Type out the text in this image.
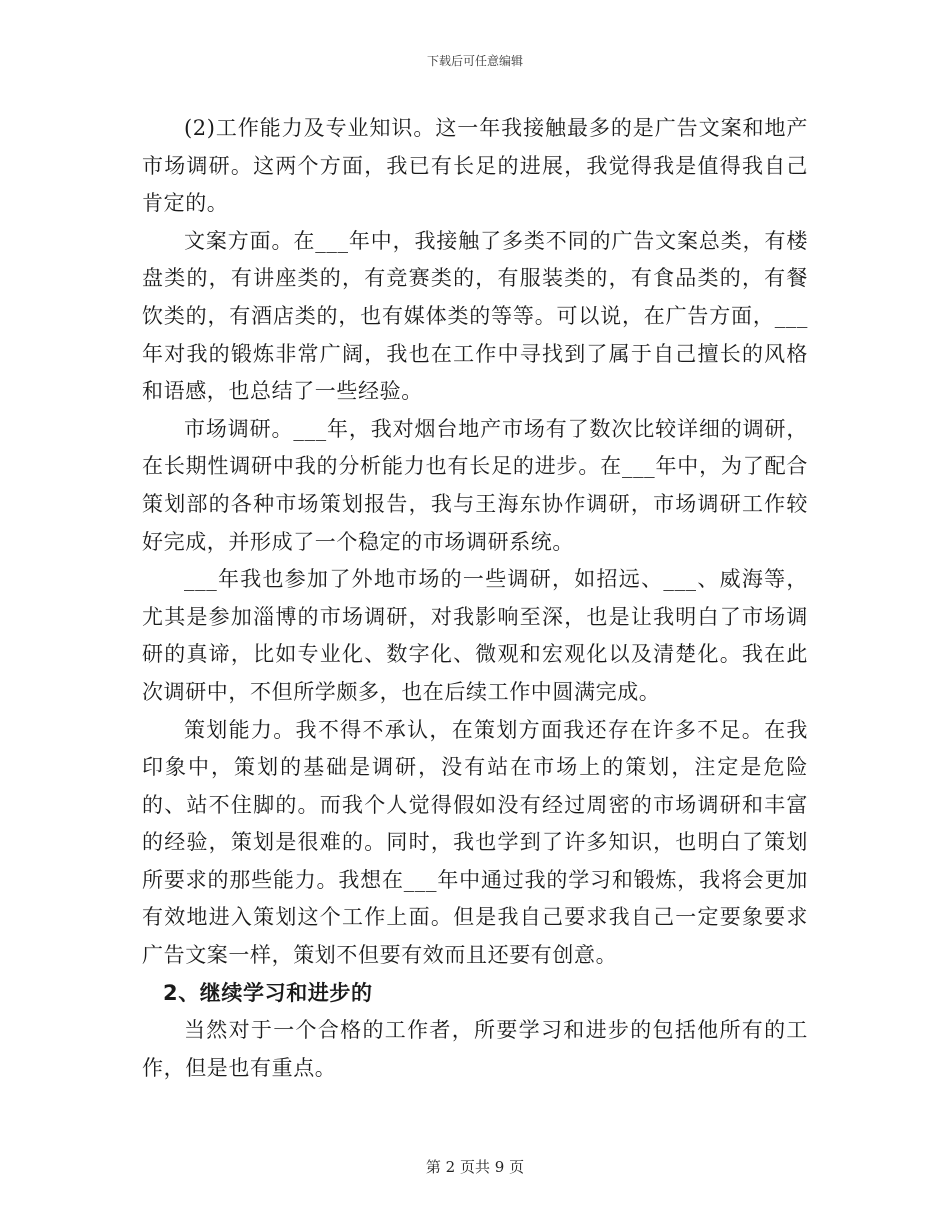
下载后可任意编辑

(2)工作能力及专业知识。这一年我接触最多的是广告文案和地产市场调研。这两个方面，我已有长足的进展，我觉得我是值得我自己肯定的。

文案方面。在___年中，我接触了多类不同的广告文案总类，有楼盘类的，有讲座类的，有竞赛类的，有服装类的，有食品类的，有餐饮类的，有酒店类的，也有媒体类的等等。可以说，在广告方面，___年对我的锻炼非常广阔，我也在工作中寻找到了属于自己擅长的风格和语感，也总结了一些经验。

市场调研。___年，我对烟台地产市场有了数次比较详细的调研，在长期性调研中我的分析能力也有长足的进步。在___年中，为了配合策划部的各种市场策划报告，我与王海东协作调研，市场调研工作较好完成，并形成了一个稳定的市场调研系统。

___年我也参加了外地市场的一些调研，如招远、___、威海等，尤其是参加淄博的市场调研，对我影响至深，也是让我明白了市场调研的真谛，比如专业化、数字化、微观和宏观化以及清楚化。我在此次调研中，不但所学颇多，也在后续工作中圆满完成。

策划能力。我不得不承认，在策划方面我还存在许多不足。在我印象中，策划的基础是调研，没有站在市场上的策划，注定是危险的、站不住脚的。而我个人觉得假如没有经过周密的市场调研和丰富的经验，策划是很难的。同时，我也学到了许多知识，也明白了策划所要求的那些能力。我想在___年中通过我的学习和锻炼，我将会更加有效地进入策划这个工作上面。但是我自己要求我自己一定要象要求广告文案一样，策划不但要有效而且还要有创意。

2、继续学习和进步的

当然对于一个合格的工作者，所要学习和进步的包括他所有的工作，但是也有重点。

第 2 页共 9 页
